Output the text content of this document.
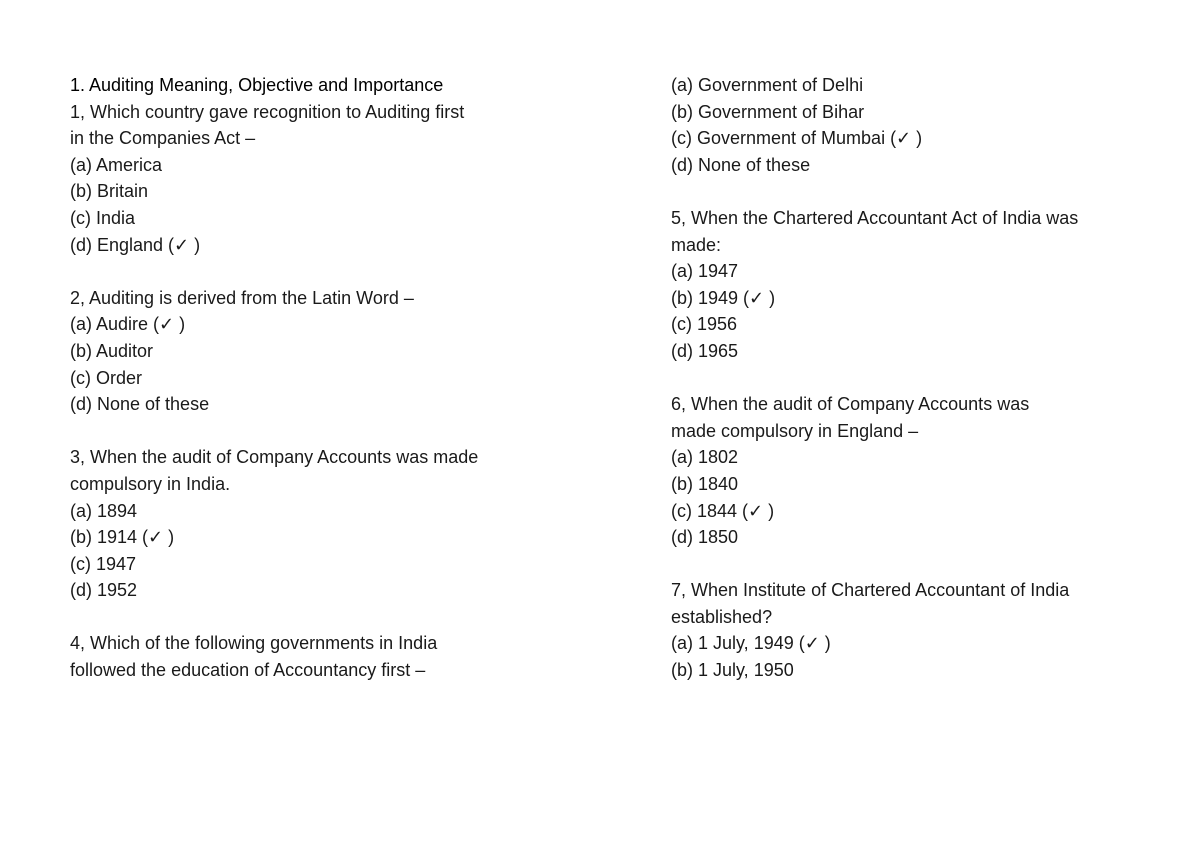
1. Auditing Meaning, Objective and Importance
1, Which country gave recognition to Auditing first
in the Companies Act –
(a) America
(b) Britain
(c) India
(d) England (✓ )
2, Auditing is derived from the Latin Word –
(a) Audire (✓ )
(b) Auditor
(c) Order
(d) None of these
3, When the audit of Company Accounts was made
compulsory in India.
(a) 1894
(b) 1914 (✓ )
(c) 1947
(d) 1952
4, Which of the following governments in India
followed the education of Accountancy first –
(a) Government of Delhi
(b) Government of Bihar
(c) Government of Mumbai (✓ )
(d) None of these
5, When the Chartered Accountant Act of India was
made:
(a) 1947
(b) 1949 (✓ )
(c) 1956
(d) 1965
6, When the audit of Company Accounts was
made compulsory in England –
(a) 1802
(b) 1840
(c) 1844 (✓ )
(d) 1850
7, When Institute of Chartered Accountant of India
established?
(a) 1 July, 1949 (✓ )
(b) 1 July, 1950
